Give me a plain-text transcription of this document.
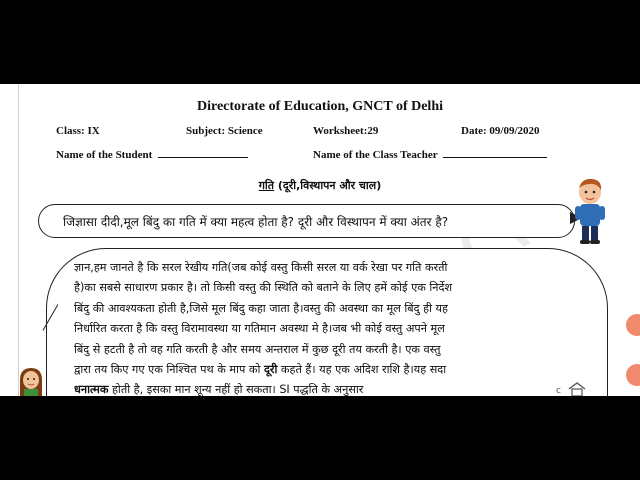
Directorate of Education, GNCT of Delhi
Class: IX	Subject: Science	Worksheet:29	Date: 09/09/2020
Name of the Student	Name of the Class Teacher
गति (दूरी,विस्थापन और चाल)
जिज्ञासा दीदी,मूल बिंदु का गति में क्या महत्व होता है? दूरी और विस्थापन में क्या अंतर है?

ज्ञान,हम जानते है कि सरल रेखीय गति(जब कोई वस्तु किसी सरल या वर्क रेखा पर गति करती

है)का सबसे साधारण प्रकार है। तो किसी वस्तु की स्थिति को बताने के लिए हमें कोई एक निर्देश

बिंदु की आवश्यकता होती है,जिसे मूल बिंदु कहा जाता है।वस्तु की अवस्था का मूल बिंदु ही यह

निर्धारित करता है कि वस्तु विरामावस्था या गतिमान अवस्था मे है।जब भी कोई वस्तु अपने मूल

बिंदु से हटती है तो वह गति करती है और समय अन्तराल में कुछ दूरी तय करती है। एक वस्तु

द्वारा तय किए गए एक निश्चित पथ के माप को दूरी कहते हैं। यह एक अदिश राशि है।यह सदा

धनात्मक होती है, इसका मान शून्य नहीं हो सकता। SI पद्धति के अनुसार	c
